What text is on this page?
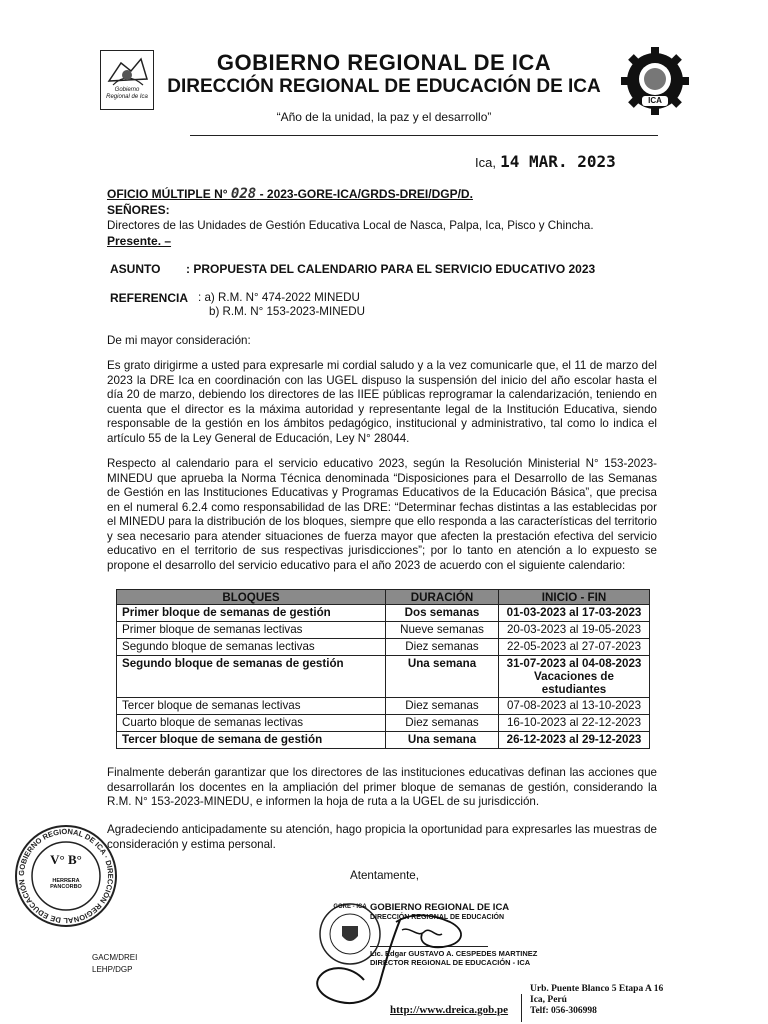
Gobierno Regional de Ica	ICA
GOBIERNO REGIONAL DE ICA
DIRECCIÓN REGIONAL DE EDUCACIÓN DE ICA
“Año de la unidad, la paz y el desarrollo”
Ica, 14 MAR. 2023
OFICIO MÚLTIPLE N° 028 - 2023-GORE-ICA/GRDS-DREI/DGP/D.
SEÑORES:
Directores de las Unidades de Gestión Educativa Local de Nasca, Palpa, Ica, Pisco y Chincha.
Presente. –
ASUNTO : PROPUESTA DEL CALENDARIO PARA EL SERVICIO EDUCATIVO 2023
REFERENCIA : a) R.M. N° 474-2022 MINEDU
b) R.M. N° 153-2023-MINEDU
De mi mayor consideración:
Es grato dirigirme a usted para expresarle mi cordial saludo y a la vez comunicarle que, el 11 de marzo del 2023 la DRE Ica en coordinación con las UGEL dispuso la suspensión del inicio del año escolar hasta el día 20 de marzo, debiendo los directores de las IIEE públicas reprogramar la calendarización, teniendo en cuenta que el director es la máxima autoridad y representante legal de la Institución Educativa, siendo responsable de la gestión en los ámbitos pedagógico, institucional y administrativo, tal como lo indica el artículo 55 de la Ley General de Educación, Ley N° 28044.
Respecto al calendario para el servicio educativo 2023, según la Resolución Ministerial N° 153-2023-MINEDU que aprueba la Norma Técnica denominada “Disposiciones para el Desarrollo de las Semanas de Gestión en las Instituciones Educativas y Programas Educativos de la Educación Básica”, que precisa en el numeral 6.2.4 como responsabilidad de las DRE: “Determinar fechas distintas a las establecidas por el MINEDU para la distribución de los bloques, siempre que ello responda a las características del territorio y sea necesario para atender situaciones de fuerza mayor que afecten la prestación efectiva del servicio educativo en el territorio de sus respectivas jurisdicciones”; por lo tanto en atención a lo expuesto se propone el desarrollo del servicio educativo para el año 2023 de acuerdo con el siguiente calendario:
BLOQUES	DURACIÓN	INICIO - FIN
Primer bloque de semanas de gestión	Dos semanas	01-03-2023 al 17-03-2023
Primer bloque de semanas lectivas	Nueve semanas	20-03-2023 al 19-05-2023
Segundo bloque de semanas lectivas	Diez semanas	22-05-2023 al 27-07-2023
Segundo bloque de semanas de gestión	Una semana	31-07-2023 al 04-08-2023
Vacaciones de estudiantes

Tercer bloque de semanas lectivas	Diez semanas	07-08-2023 al 13-10-2023
Cuarto bloque de semanas lectivas	Diez semanas	16-10-2023 al 22-12-2023
Tercer bloque de semana de gestión	Una semana	26-12-2023 al 29-12-2023
Finalmente deberán garantizar que los directores de las instituciones educativas definan las acciones que desarrollarán los docentes en la ampliación del primer bloque de semanas de gestión, considerando la R.M. N° 153-2023-MINEDU, e informen la hoja de ruta a la UGEL de su jurisdicción.
Agradeciendo anticipadamente su atención, hago propicia la oportunidad para expresarles las muestras de consideración y estima personal.
Atentamente,
GOBIERNO REGIONAL DE ICA · DIRECCIÓN REGIONAL DE EDUCACIÓN
V° B°
HERRERA PANCORBO
GORE - ICA GOBIERNO REGIONAL DE ICA
DIRECCIÓN REGIONAL DE EDUCACIÓN
Lic. Edgar GUSTAVO A. CESPEDES MARTINEZ
DIRECTOR REGIONAL DE EDUCACIÓN - ICA
GACM/DREI
LEHP/DGP
http://www.dreica.gob.pe
Urb. Puente Blanco 5 Etapa A 16
Ica, Perú
Telf: 056-306998
